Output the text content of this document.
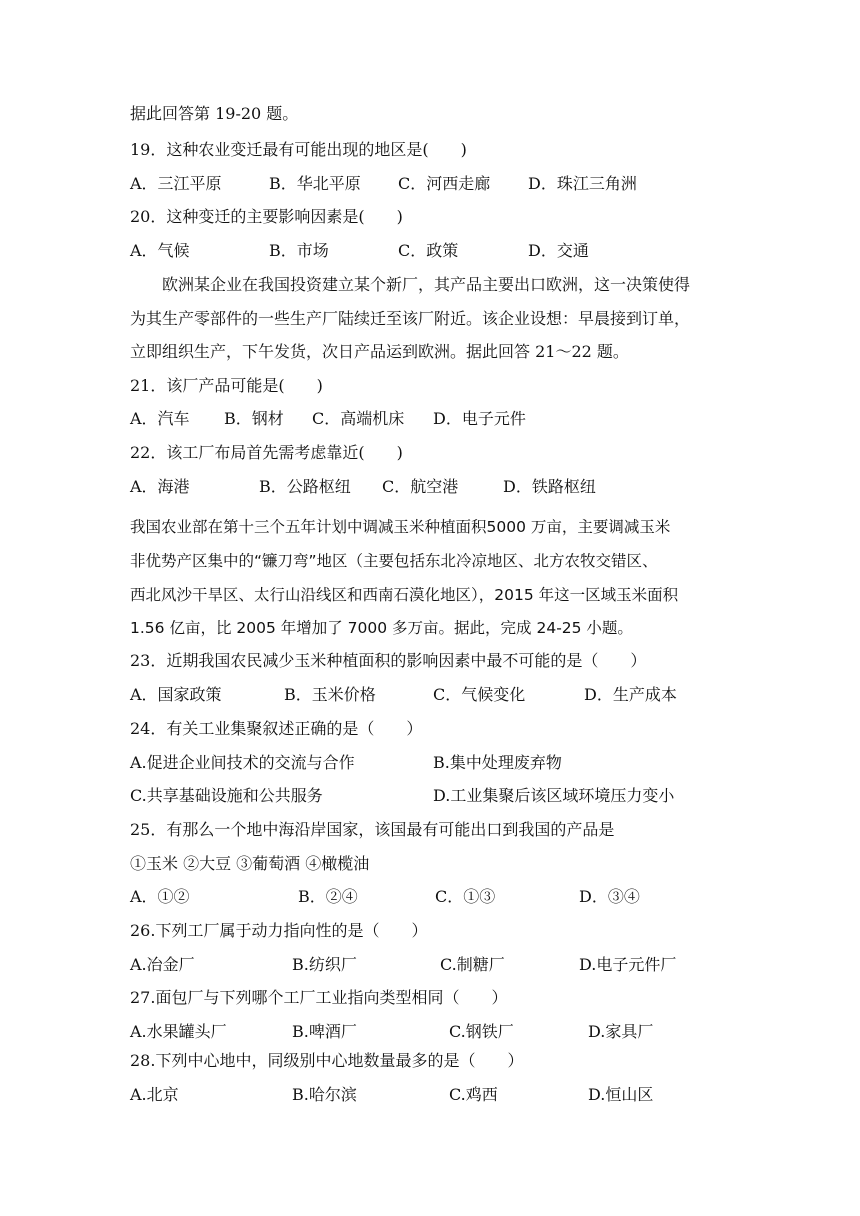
据此回答第 19-20 题。
19．这种农业变迁最有可能出现的地区是(　　)
A．三江平原	B．华北平原 C．河西走廊 D．珠江三角洲
20．这种变迁的主要影响因素是(　　)
A．气候	B．市场	C．政策	D．交通
欧洲某企业在我国投资建立某个新厂，其产品主要出口欧洲，这一决策使得
为其生产零部件的一些生产厂陆续迁至该厂附近。该企业设想：早晨接到订单，
立即组织生产，下午发货，次日产品运到欧洲。据此回答 21～22 题。
21．该厂产品可能是(　　)
A．汽车 B．钢材 C．高端机床 D．电子元件
22．该工厂布局首先需考虑靠近(　　)
A．海港	B．公路枢纽 C．航空港	D．铁路枢纽
我国农业部在第十三个五年计划中调减玉米种植面积5000 万亩，主要调减玉米
非优势产区集中的“镰刀弯”地区（主要包括东北冷凉地区、北方农牧交错区、
西北风沙干旱区、太行山沿线区和西南石漠化地区），2015 年这一区域玉米面积
1.56 亿亩，比 2005 年增加了 7000 多万亩。据此，完成 24-25 小题。
23．近期我国农民减少玉米种植面积的影响因素中最不可能的是（　　）
A．国家政策	B．玉米价格	C．气候变化	D．生产成本
24．有关工业集聚叙述正确的是（　　）
A.促进企业间技术的交流与合作	B.集中处理废弃物
C.共享基础设施和公共服务	D.工业集聚后该区域环境压力变小
25．有那么一个地中海沿岸国家，该国最有可能出口到我国的产品是
①玉米 ②大豆 ③葡萄酒 ④橄榄油
A．①②	B．②④	C．①③	D．③④
26.下列工厂属于动力指向性的是（　　）
A.冶金厂	B.纺织厂	C.制糖厂	D.电子元件厂
27.面包厂与下列哪个工厂工业指向类型相同（　　）
A.水果罐头厂	B.啤酒厂	C.钢铁厂	D.家具厂
28.下列中心地中，同级别中心地数量最多的是（　　）
A.北京	B.哈尔滨	C.鸡西	D.恒山区
